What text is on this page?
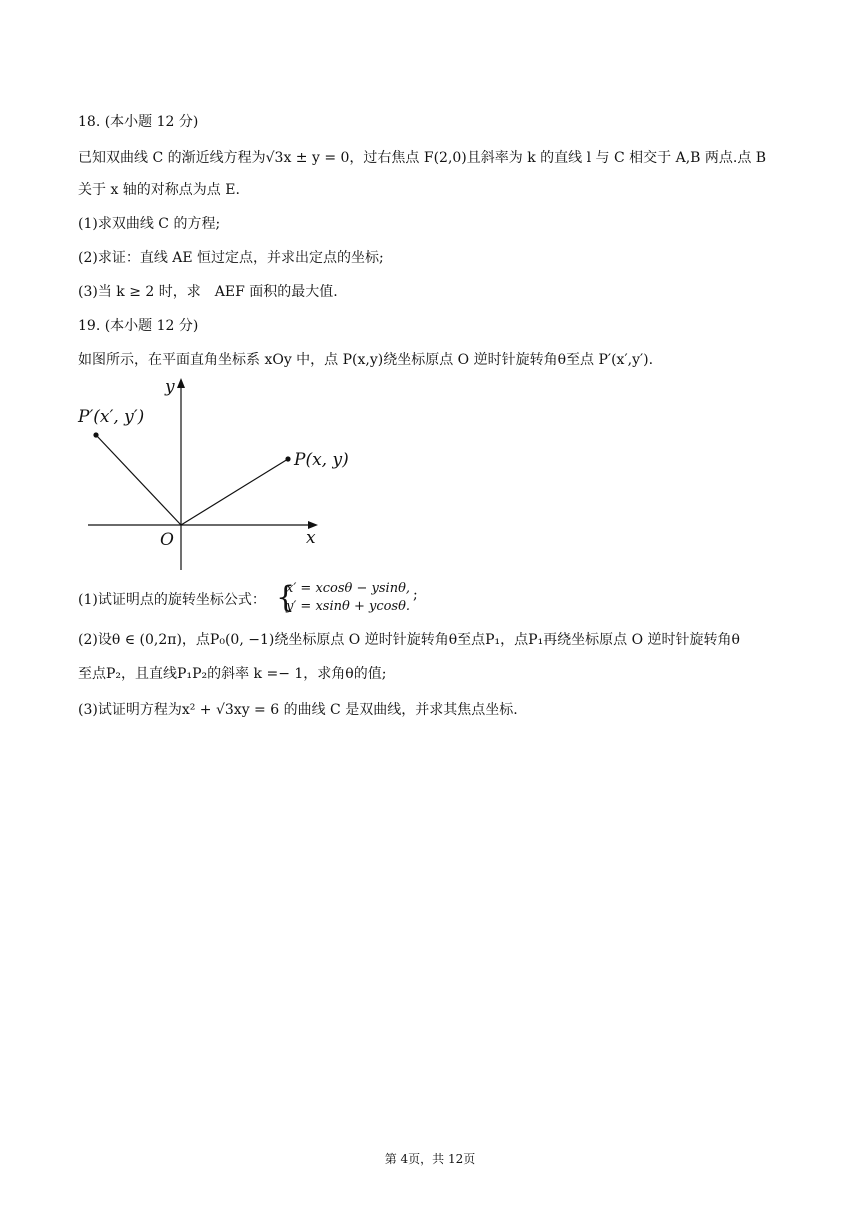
18. (本小题 12 分)
已知双曲线 C 的渐近线方程为√3x ± y = 0，过右焦点 F(2,0)且斜率为 k 的直线 l 与 C 相交于 A,B 两点.点 B
关于 x 轴的对称点为点 E.
(1)求双曲线 C 的方程;
(2)求证：直线 AE 恒过定点，并求出定点的坐标;
(3)当 k ≥ 2 时，求　AEF 面积的最大值.
19. (本小题 12 分)
如图所示，在平面直角坐标系 xOy 中，点 P(x,y)绕坐标原点 O 逆时针旋转角θ至点 P′(x′,y′).
y
x
O
P(x, y)
P′(x′, y′)
(1)试证明点的旋转坐标公式： {
x′ = xcosθ − ysinθ,
y′ = xsinθ + ycosθ.
;
(2)设θ ∈ (0,2π)，点P₀(0, −1)绕坐标原点 O 逆时针旋转角θ至点P₁，点P₁再绕坐标原点 O 逆时针旋转角θ
至点P₂，且直线P₁P₂的斜率 k =− 1，求角θ的值;
(3)试证明方程为x² + √3xy = 6 的曲线 C 是双曲线，并求其焦点坐标.
第 4页，共 12页
